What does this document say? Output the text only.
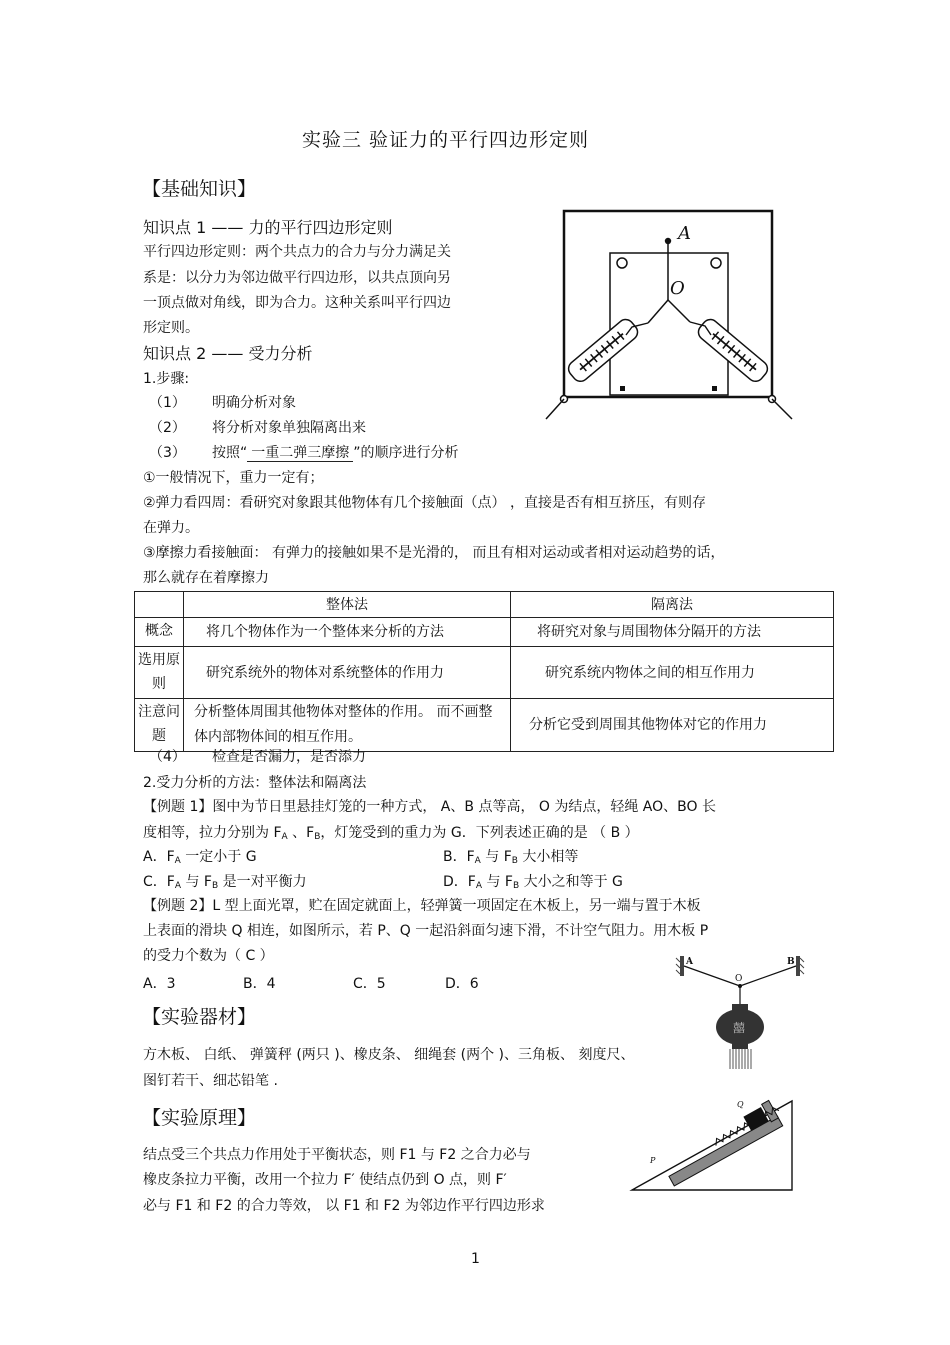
实验三 验证力的平行四边形定则
【基础知识】
知识点 1 —— 力的平行四边形定则
平行四边形定则：两个共点力的合力与分力满足关
系是：以分力为邻边做平行四边形，以共点顶向另
一顶点做对角线，即为合力。这种关系叫平行四边
形定则。
知识点 2 —— 受力分析
1.步骤:
（1） 明确分析对象
（2） 将分析对象单独隔离出来
（3） 按照“ 一重二弹三摩擦 ”的顺序进行分析
①一般情况下，重力一定有；
②弹力看四周：看研究对象跟其他物体有几个接触面（点） ，直接是否有相互挤压，有则存
在弹力。
③摩擦力看接触面： 有弹力的接触如果不是光滑的， 而且有相对运动或者相对运动趋势的话，
那么就存在着摩擦力
A
O
	整体法	隔离法
概念	将几个物体作为一个整体来分析的方法	将研究对象与周围物体分隔开的方法
选用原则	研究系统外的物体对系统整体的作用力	研究系统内物体之间的相互作用力
注意问题	分析整体周围其他物体对整体的作用。 而不画整体内部物体间的相互作用。	分析它受到周围其他物体对它的作用力
（4） 检查是否漏力，是否添力
2.受力分析的方法：整体法和隔离法
【例题 1】图中为节日里悬挂灯笼的一种方式， A、B 点等高， O 为结点，轻绳 AO、BO 长
度相等，拉力分别为 $F_A$ 、$F_B$，灯笼受到的重力为 G．下列表述正确的是 （ B ）
A．$F_A$ 一定小于 G	B．$F_A$ 与 $F_B$ 大小相等
C．$F_A$ 与 $F_B$ 是一对平衡力	D．$F_A$ 与 $F_B$ 大小之和等于 G
【例题 2】L 型上面光罩，贮在固定就面上，轻弹簧一项固定在木板上，另一端与置于木板
上表面的滑块 Q 相连，如图所示，若 P、Q 一起沿斜面匀速下滑，不计空气阻力。用木板 P
的受力个数为（ C ）
A．3	B．4	C．5	D．6
A	B
O
囍
【实验器材】
方木板、 白纸、 弹簧秤 (两只 )、橡皮条、 细绳套 (两个 )、三角板、 刻度尺、
图钉若干、细芯铅笔 .
【实验原理】
结点受三个共点力作用处于平衡状态，则 F1 与 F2 之合力必与
橡皮条拉力平衡，改用一个拉力 F′ 使结点仍到 O 点，则 F′
必与 F1 和 F2 的合力等效， 以 F1 和 F2 为邻边作平行四边形求
P
Q
1
